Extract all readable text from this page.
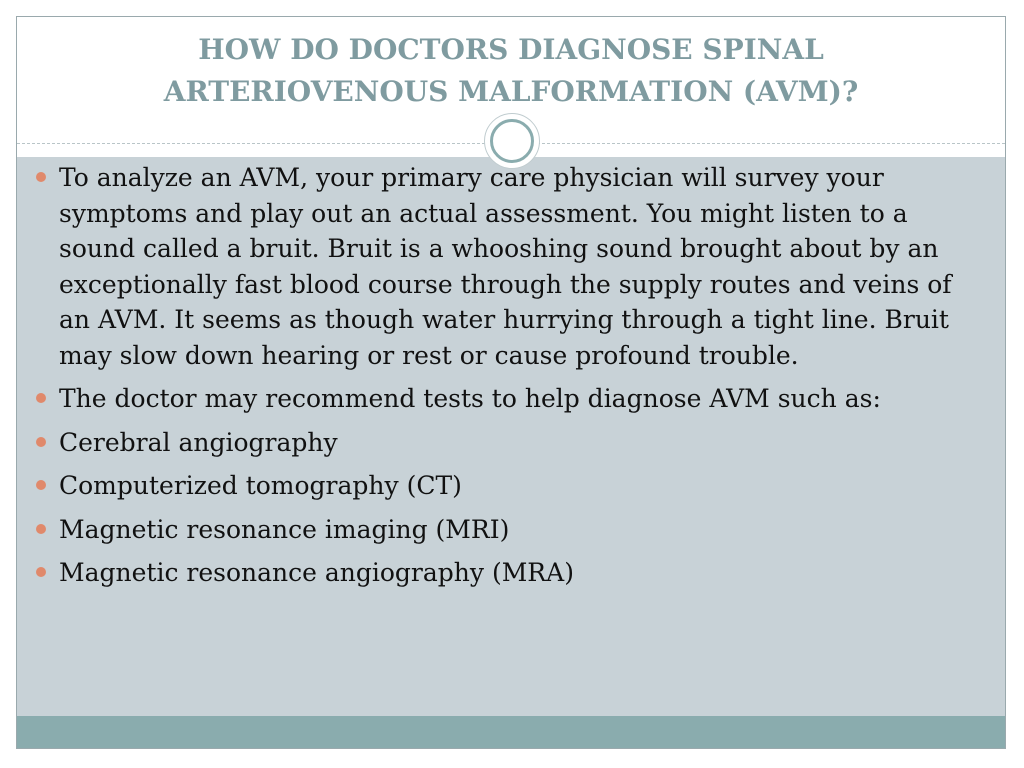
HOW DO DOCTORS DIAGNOSE SPINAL
ARTERIOVENOUS MALFORMATION (AVM)?
To analyze an AVM, your primary care physician will survey your symptoms and play out an actual assessment. You might listen to a sound called a bruit. Bruit is a whooshing sound brought about by an exceptionally fast blood course through the supply routes and veins of an AVM. It seems as though water hurrying through a tight line. Bruit may slow down hearing or rest or cause profound trouble.
The doctor may recommend tests to help diagnose AVM such as:
Cerebral angiography
Computerized tomography (CT)
Magnetic resonance imaging (MRI)
Magnetic resonance angiography (MRA)
